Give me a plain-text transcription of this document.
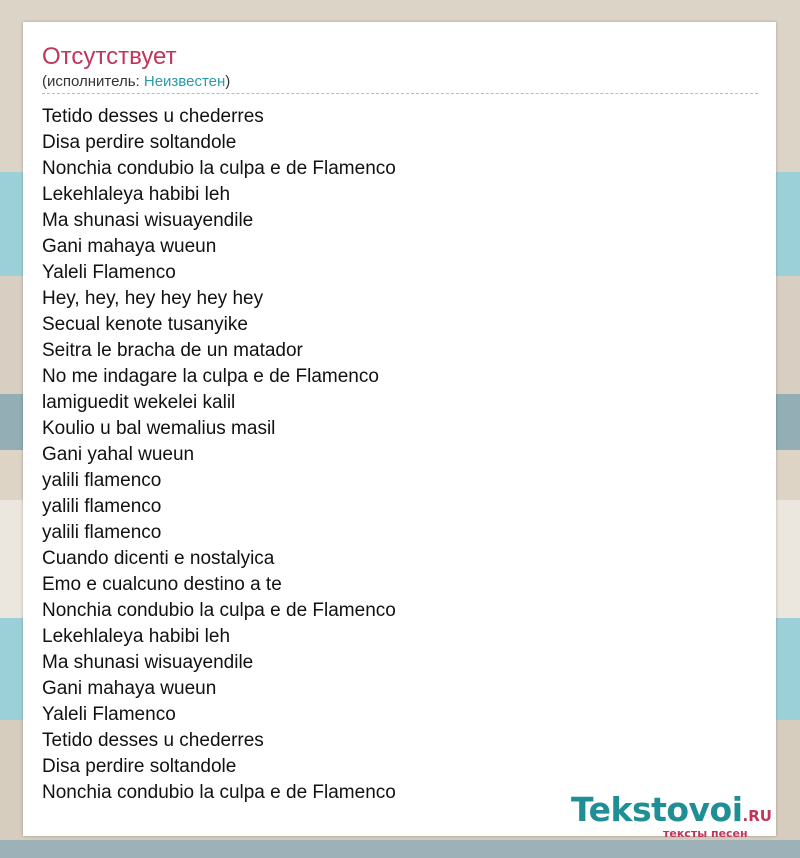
Отсутствует
(исполнитель: Неизвестен)
Tetido desses u chederres
Disa perdire soltandole
Nonchia condubio la culpa e de Flamenco
Lekehlaleya habibi leh
Ma shunasi wisuayendile
Gani mahaya wueun
Yaleli Flamenco
Hey, hey, hey hey hey hey
Secual kenote tusanyike
Seitra le bracha de un matador
No me indagare la culpa e de Flamenco
lamiguedit wekelei kalil
Koulio u bal wemalius masil
Gani yahal wueun
yalili flamenco
yalili flamenco
yalili flamenco
Cuando dicenti e nostalyica
Emo e cualcuno destino a te
Nonchia condubio la culpa e de Flamenco
Lekehlaleya habibi leh
Ma shunasi wisuayendile
Gani mahaya wueun
Yaleli Flamenco
Tetido desses u chederres
Disa perdire soltandole
Nonchia condubio la culpa e de Flamenco	Tekstovoi.RU
тексты песен
